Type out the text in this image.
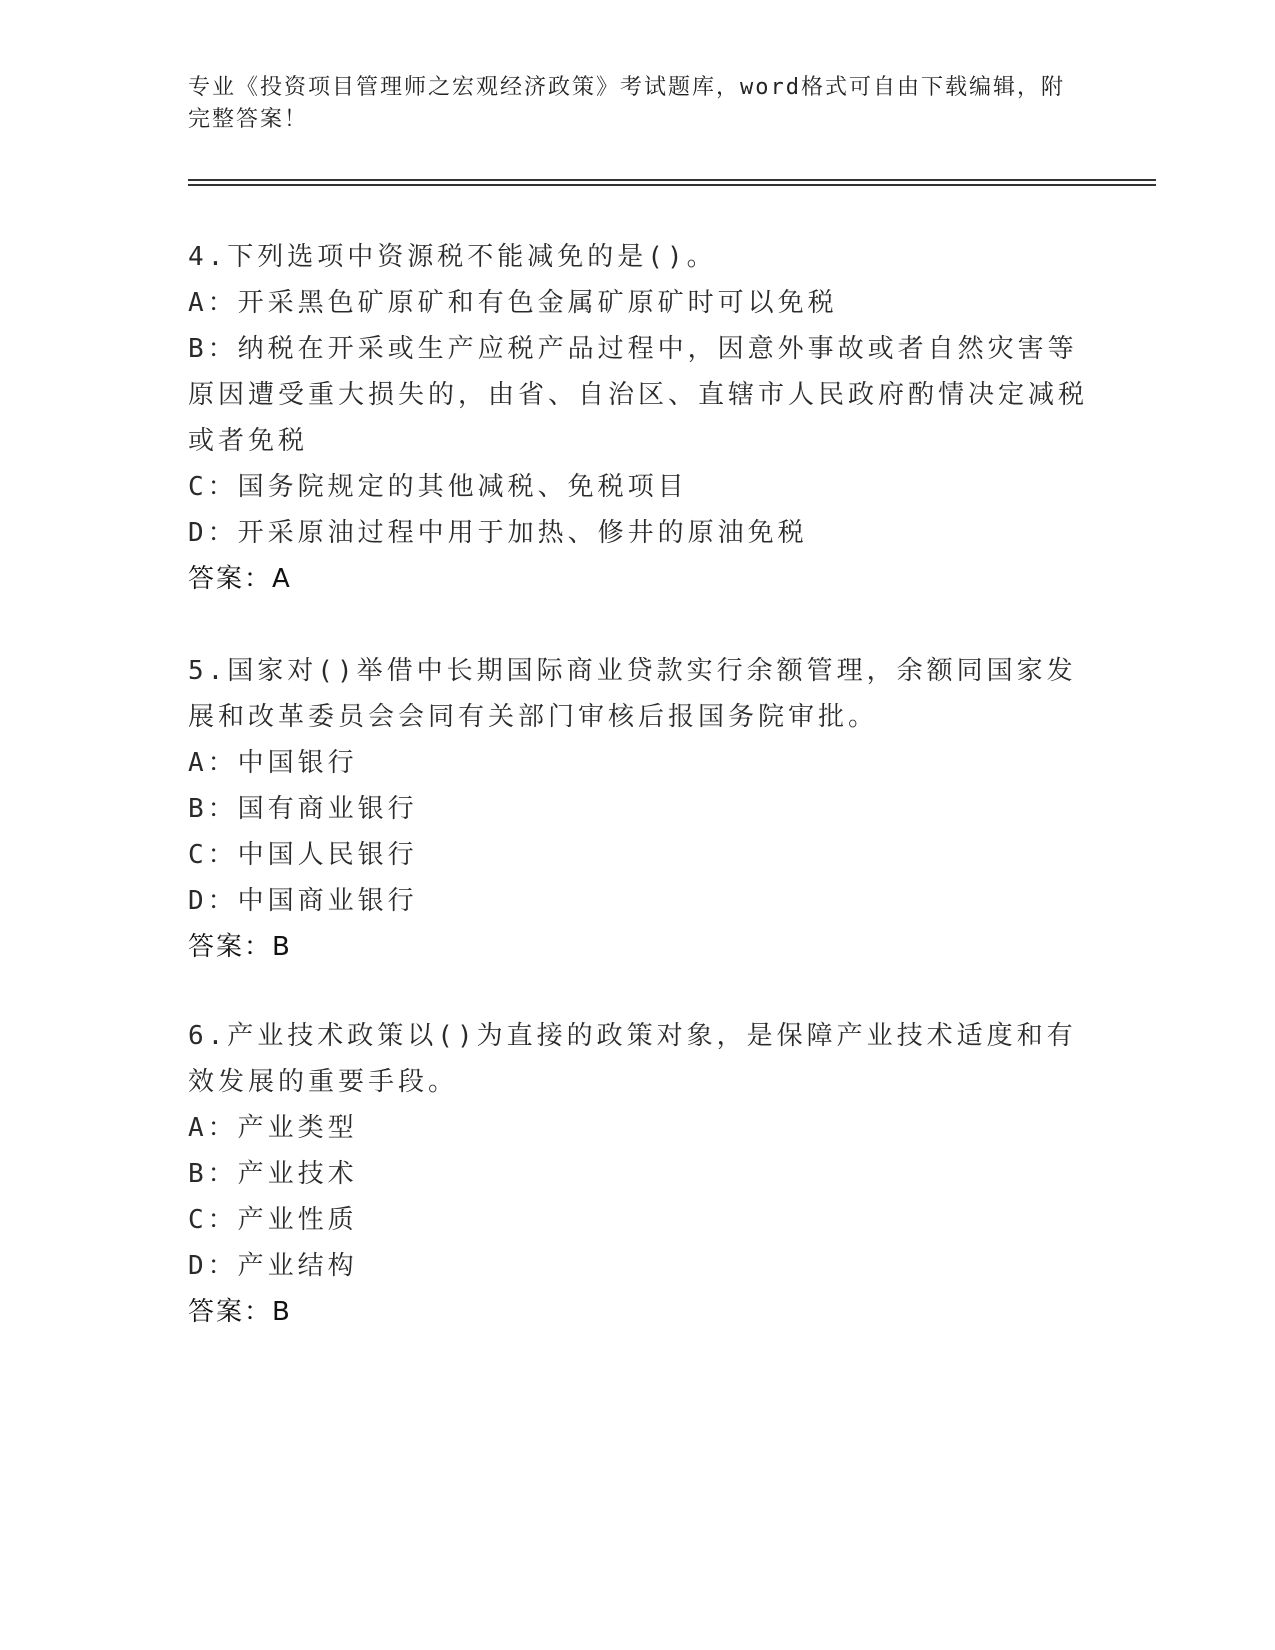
专业《投资项目管理师之宏观经济政策》考试题库，word格式可自由下载编辑，附完整答案！

4.下列选项中资源税不能减免的是()。

A：开采黑色矿原矿和有色金属矿原矿时可以免税

B：纳税在开采或生产应税产品过程中，因意外事故或者自然灾害等原因遭受重大损失的，由省、自治区、直辖市人民政府酌情决定减税或者免税

C：国务院规定的其他减税、免税项目

D：开采原油过程中用于加热、修井的原油免税

答案：A

5.国家对()举借中长期国际商业贷款实行余额管理，余额同国家发展和改革委员会会同有关部门审核后报国务院审批。

A：中国银行

B：国有商业银行

C：中国人民银行

D：中国商业银行

答案：B

6.产业技术政策以()为直接的政策对象，是保障产业技术适度和有效发展的重要手段。

A：产业类型

B：产业技术

C：产业性质

D：产业结构

答案：B
